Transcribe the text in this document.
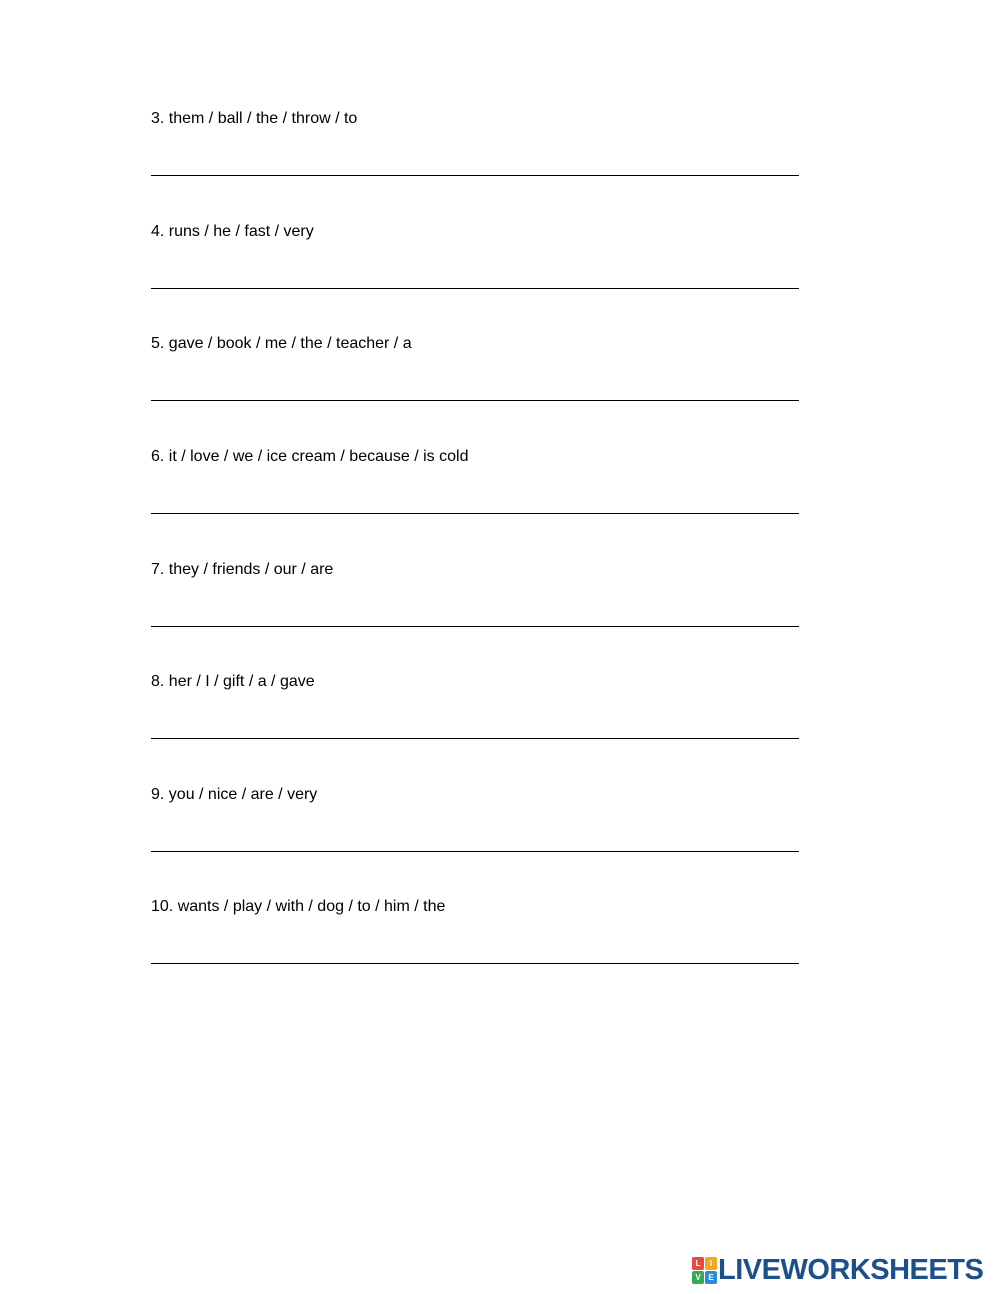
3. them / ball / the / throw / to
4. runs / he / fast / very
5. gave / book / me / the / teacher / a
6. it / love / we / ice cream / because / is cold
7. they / friends / our / are
8. her / I / gift / a / gave
9. you / nice / are / very
10. wants / play / with / dog / to / him / the
L	I
V E LIVEWORKSHEETS
